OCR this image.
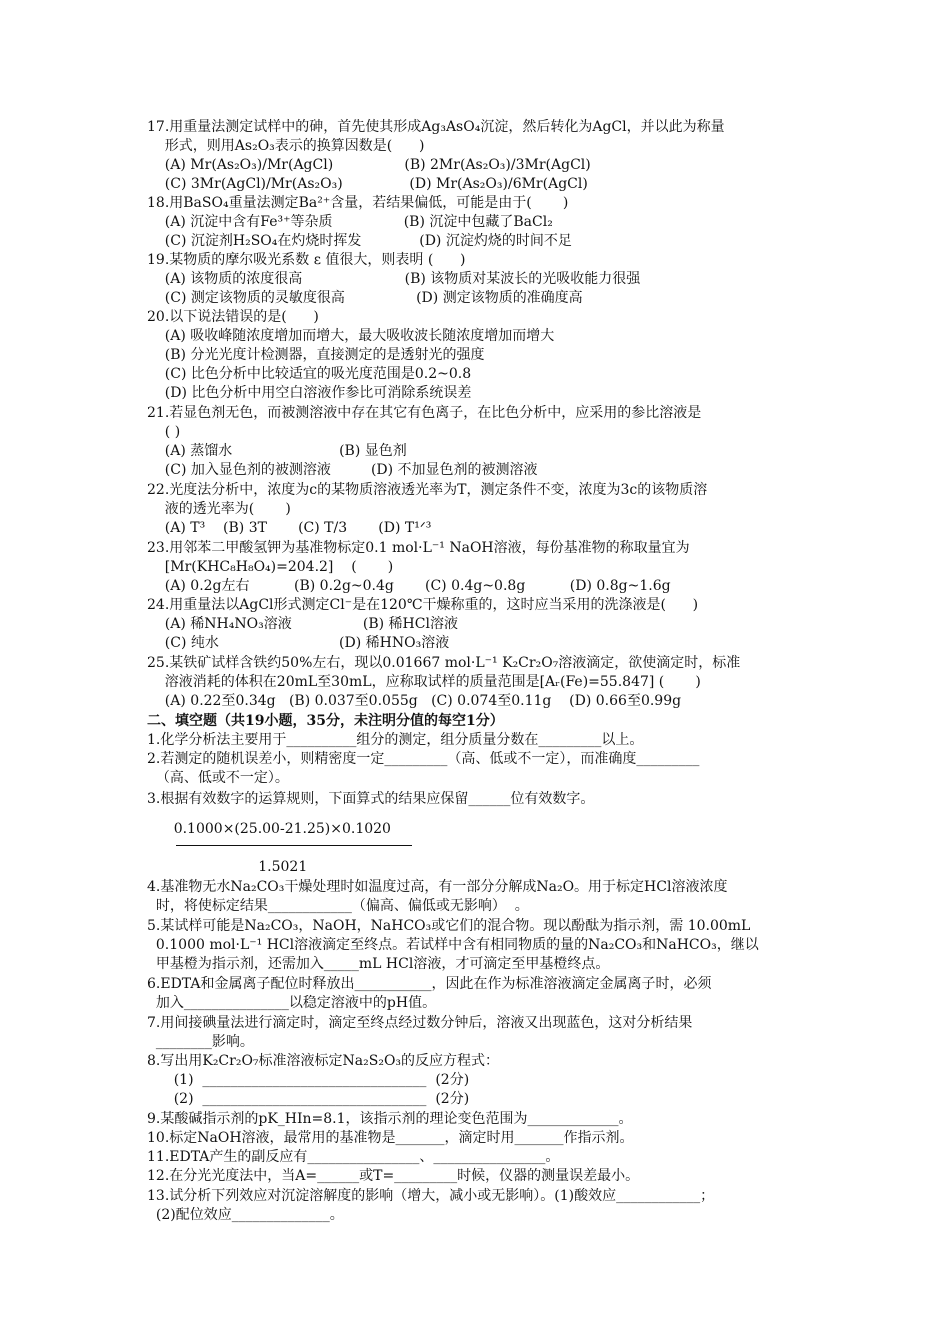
17.用重量法测定试样中的砷，首先使其形成Ag₃AsO₄沉淀，然后转化为AgCl，并以此为称量
形式，则用As₂O₃表示的换算因数是(      )
(A) Mr(As₂O₃)/Mr(AgCl)                (B) 2Mr(As₂O₃)/3Mr(AgCl)
(C) 3Mr(AgCl)/Mr(As₂O₃)               (D) Mr(As₂O₃)/6Mr(AgCl)
18.用BaSO₄重量法测定Ba²⁺含量，若结果偏低，可能是由于(       )
(A) 沉淀中含有Fe³⁺等杂质                (B) 沉淀中包藏了BaCl₂
(C) 沉淀剂H₂SO₄在灼烧时挥发             (D) 沉淀灼烧的时间不足
19.某物质的摩尔吸光系数 ε 值很大，则表明 (      )
(A) 该物质的浓度很高                       (B) 该物质对某波长的光吸收能力很强
(C) 测定该物质的灵敏度很高                (D) 测定该物质的准确度高
20.以下说法错误的是(      )
(A) 吸收峰随浓度增加而增大，最大吸收波长随浓度增加而增大
(B) 分光光度计检测器，直接测定的是透射光的强度
(C) 比色分析中比较适宜的吸光度范围是0.2~0.8
(D) 比色分析中用空白溶液作参比可消除系统误差
21.若显色剂无色，而被测溶液中存在其它有色离子，在比色分析中，应采用的参比溶液是
( )
(A) 蒸馏水                        (B) 显色剂
(C) 加入显色剂的被测溶液         (D) 不加显色剂的被测溶液
22.光度法分析中，浓度为c的某物质溶液透光率为T，测定条件不变，浓度为3c的该物质溶
液的透光率为(       )
(A) T³    (B) 3T       (C) T/3       (D) T¹ᐟ³
23.用邻苯二甲酸氢钾为基准物标定0.1 mol·L⁻¹ NaOH溶液，每份基准物的称取量宜为
[Mr(KHC₈H₈O₄)=204.2]    (       )
(A) 0.2g左右          (B) 0.2g~0.4g       (C) 0.4g~0.8g          (D) 0.8g~1.6g
24.用重量法以AgCl形式测定Cl⁻是在120℃干燥称重的，这时应当采用的洗涤液是(      )
(A) 稀NH₄NO₃溶液                (B) 稀HCl溶液
(C) 纯水                           (D) 稀HNO₃溶液
25.某铁矿试样含铁约50%左右，现以0.01667 mol·L⁻¹ K₂Cr₂O₇溶液滴定，欲使滴定时，标准
溶液消耗的体积在20mL至30mL，应称取试样的质量范围是[Aᵣ(Fe)=55.847] (       )
(A) 0.22至0.34g   (B) 0.037至0.055g   (C) 0.074至0.11g    (D) 0.66至0.99g
二、填空题（共19小题，35分，未注明分值的每空1分）
1.化学分析法主要用于__________组分的测定，组分质量分数在_________以上。
2.若测定的随机误差小，则精密度一定_________（高、低或不一定），而准确度_________
（高、低或不一定）。
3.根据有效数字的运算规则，下面算式的结果应保留______位有效数字。
0.1000×(25.00-21.25)×0.1020
1.5021
4.基准物无水Na₂CO₃干燥处理时如温度过高，有一部分分解成Na₂O。用于标定HCl溶液浓度
时，将使标定结果____________（偏高、偏低或无影响）  。
5.某试样可能是Na₂CO₃，NaOH，NaHCO₃或它们的混合物。现以酚酞为指示剂，需 10.00mL
0.1000 mol·L⁻¹ HCl溶液滴定至终点。若试样中含有相同物质的量的Na₂CO₃和NaHCO₃，继以
甲基橙为指示剂，还需加入_____mL HCl溶液，才可滴定至甲基橙终点。
6.EDTA和金属离子配位时释放出___________，因此在作为标准溶液滴定金属离子时，必须
加入_______________以稳定溶液中的pH值。
7.用间接碘量法进行滴定时，滴定至终点经过数分钟后，溶液又出现蓝色，这对分析结果
________影响。
8.写出用K₂Cr₂O₇标准溶液标定Na₂S₂O₃的反应方程式：
(1)  ________________________________  (2分)
(2)  ________________________________  (2分)
9.某酸碱指示剂的pK_HIn=8.1，该指示剂的理论变色范围为_____________。
10.标定NaOH溶液，最常用的基准物是_______，滴定时用_______作指示剂。
11.EDTA产生的副反应有________________、________________。
12.在分光光度法中，当A=______或T=_________时候，仪器的测量误差最小。
13.试分析下列效应对沉淀溶解度的影响（增大，减小或无影响）。(1)酸效应____________；
(2)配位效应______________。
